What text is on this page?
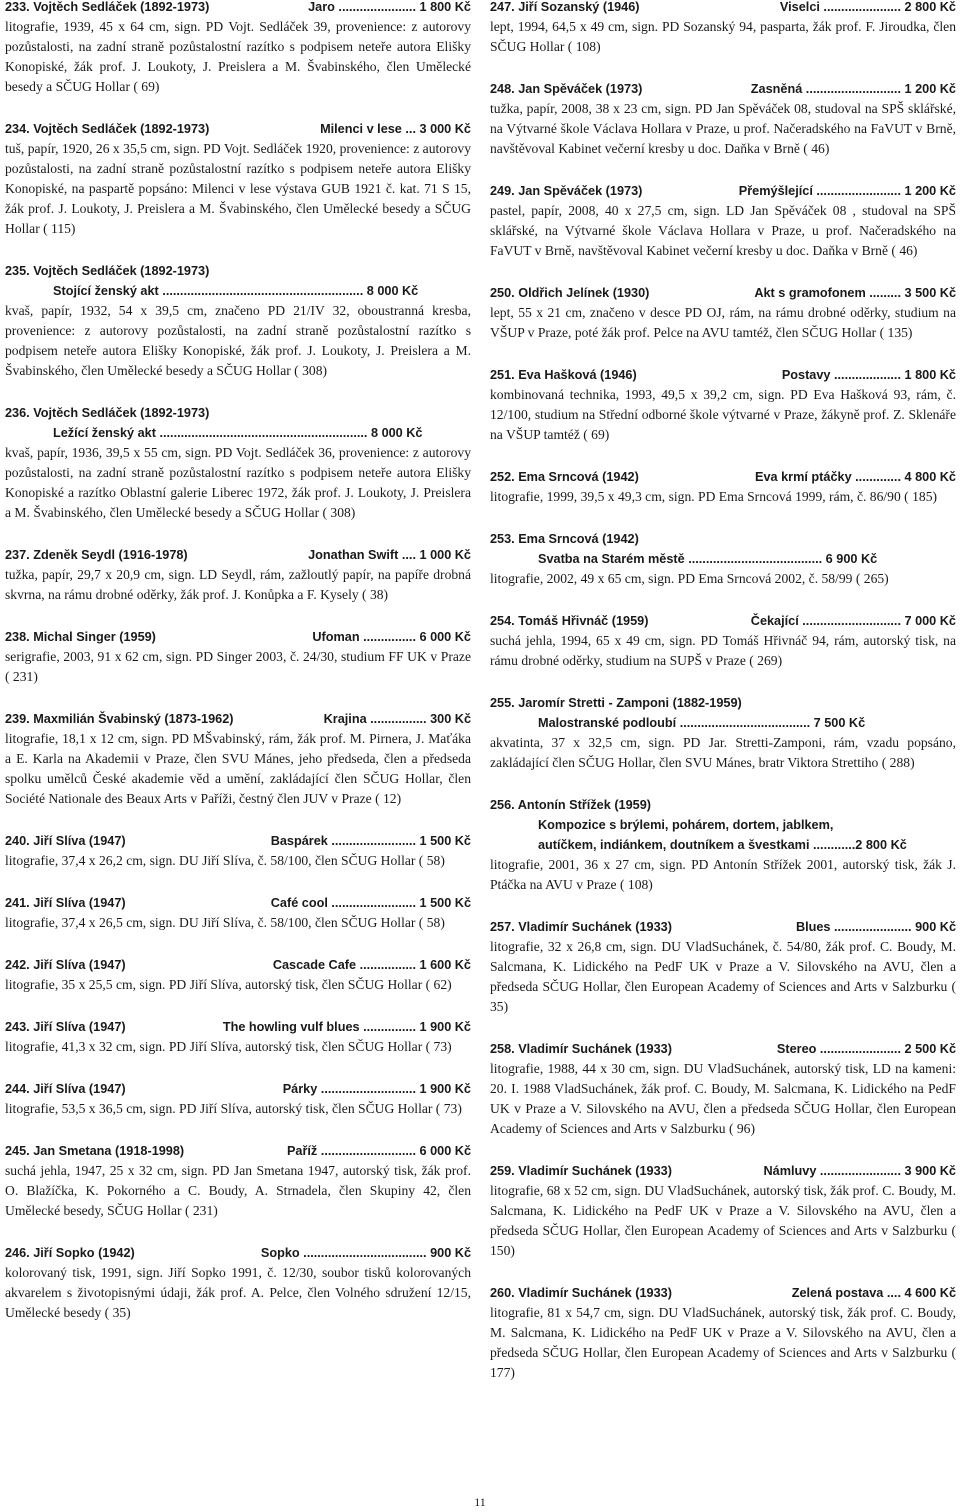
233. Vojtěch Sedláček (1892-1973)	Jaro ...................... 1 800 Kč
litografie, 1939, 45 x 64 cm, sign. PD Vojt. Sedláček 39, provenience: z autorovy pozůstalosti, na zadní straně pozůstalostní razítko s podpisem neteře autora Elišky Konopiské, žák prof. J. Loukoty, J. Preislera a M. Švabinského, člen Umělecké besedy a SČUG Hollar ( 69)
234. Vojtěch Sedláček (1892-1973)	Milenci v lese ... 3 000 Kč
tuš, papír, 1920, 26 x 35,5 cm, sign. PD Vojt. Sedláček 1920, provenience: z autorovy pozůstalosti, na zadní straně pozůstalostní razítko s podpisem neteře autora Elišky Konopiské, na paspartě popsáno: Milenci v lese výstava GUB 1921 č. kat. 71 S 15, žák prof. J. Loukoty, J. Preislera a M. Švabinského, člen Umělecké besedy a SČUG Hollar ( 115)
235. Vojtěch Sedláček (1892-1973)
Stojící ženský akt ......................................................... 8 000 Kč
kvaš, papír, 1932, 54 x 39,5 cm, značeno PD 21/IV 32, oboustranná kresba, provenience: z autorovy pozůstalosti, na zadní straně pozůstalostní razítko s podpisem neteře autora Elišky Konopiské, žák prof. J. Loukoty, J. Preislera a M. Švabinského, člen Umělecké besedy a SČUG Hollar ( 308)
236. Vojtěch Sedláček (1892-1973)
Ležící ženský akt ........................................................... 8 000 Kč
kvaš, papír, 1936, 39,5 x 55 cm, sign. PD Vojt. Sedláček 36, provenience: z autorovy pozůstalosti, na zadní straně pozůstalostní razítko s podpisem neteře autora Elišky Konopiské a razítko Oblastní galerie Liberec 1972, žák prof. J. Loukoty, J. Preislera a M. Švabinského, člen Umělecké besedy a SČUG Hollar ( 308)
237. Zdeněk Seydl (1916-1978)	Jonathan Swift .... 1 000 Kč
tužka, papír, 29,7 x 20,9 cm, sign. LD Seydl, rám, zažloutlý papír, na papíře drobná skvrna, na rámu drobné oděrky, žák prof. J. Konůpka a F. Kysely ( 38)
238. Michal Singer (1959)	Ufoman ............... 6 000 Kč
serigrafie, 2003, 91 x 62 cm, sign. PD Singer 2003, č. 24/30, studium FF UK v Praze ( 231)
239. Maxmilián Švabinský (1873-1962)	Krajina ................ 300 Kč
litografie, 18,1 x 12 cm, sign. PD MŠvabinský, rám, žák prof. M. Pirnera, J. Maťáka a E. Karla na Akademii v Praze, člen SVU Mánes, jeho předseda, člen a předseda spolku umělců České akademie věd a umění, zakládající člen SČUG Hollar, člen Société Nationale des Beaux Arts v Paříži, čestný člen JUV v Praze ( 12)
240. Jiří Slíva (1947)	Baspárek ........................ 1 500 Kč
litografie, 37,4 x 26,2 cm, sign. DU Jiří Slíva, č. 58/100, člen SČUG Hollar ( 58)
241. Jiří Slíva (1947)	Café cool ........................ 1 500 Kč
litografie, 37,4 x 26,5 cm, sign. DU Jiří Slíva, č. 58/100, člen SČUG Hollar ( 58)
242. Jiří Slíva (1947)	Cascade Cafe ................ 1 600 Kč
litografie, 35 x 25,5 cm, sign. PD Jiří Slíva, autorský tisk, člen SČUG Hollar ( 62)
243. Jiří Slíva (1947)	The howling vulf blues ............... 1 900 Kč
litografie, 41,3 x 32 cm, sign. PD Jiří Slíva, autorský tisk, člen SČUG Hollar ( 73)
244. Jiří Slíva (1947)	Párky ........................... 1 900 Kč
litografie, 53,5 x 36,5 cm, sign. PD Jiří Slíva, autorský tisk, člen SČUG Hollar ( 73)
245. Jan Smetana (1918-1998)	Paříž ........................... 6 000 Kč
suchá jehla, 1947, 25 x 32 cm, sign. PD Jan Smetana 1947, autorský tisk, žák prof. O. Blažíčka, K. Pokorného a C. Boudy, A. Strnadela, člen Skupiny 42, člen Umělecké besedy, SČUG Hollar ( 231)
246. Jiří Sopko (1942)	Sopko ................................... 900 Kč
kolorovaný tisk, 1991, sign. Jiří Sopko 1991, č. 12/30, soubor tisků kolorovaných akvarelem s životopisnými údaji, žák prof. A. Pelce, člen Volného sdružení 12/15, Umělecké besedy ( 35)
247. Jiří Sozanský (1946)	Viselci ...................... 2 800 Kč
lept, 1994, 64,5 x 49 cm, sign. PD Sozanský 94, pasparta, žák prof. F. Jiroudka, člen SČUG Hollar ( 108)
248. Jan Spěváček (1973)	Zasněná ........................... 1 200 Kč
tužka, papír, 2008, 38 x 23 cm, sign. PD Jan Spěváček 08, studoval na SPŠ sklářské, na Výtvarné škole Václava Hollara v Praze, u prof. Načeradského na FaVUT v Brně, navštěvoval Kabinet večerní kresby u doc. Daňka v Brně ( 46)
249. Jan Spěváček (1973)	Přemýšlející ........................ 1 200 Kč
pastel, papír, 2008, 40 x 27,5 cm, sign. LD Jan Spěváček 08 , studoval na SPŠ sklářské, na Výtvarné škole Václava Hollara v Praze, u prof. Načeradského na FaVUT v Brně, navštěvoval Kabinet večerní kresby u doc. Daňka v Brně ( 46)
250. Oldřich Jelínek (1930)	Akt s gramofonem ......... 3 500 Kč
lept, 55 x 21 cm, značeno v desce PD OJ, rám, na rámu drobné oděrky, studium na VŠUP v Praze, poté žák prof. Pelce na AVU tamtéž, člen SČUG Hollar ( 135)
251. Eva Hašková (1946)	Postavy ................... 1 800 Kč
kombinovaná technika, 1993, 49,5 x 39,2 cm, sign. PD Eva Hašková 93, rám, č. 12/100, studium na Střední odborné škole výtvarné v Praze, žákyně prof. Z. Sklenáře na VŠUP tamtéž ( 69)
252. Ema Srncová (1942)	Eva krmí ptáčky ............. 4 800 Kč
litografie, 1999, 39,5 x 49,3 cm, sign. PD Ema Srncová 1999, rám, č. 86/90 ( 185)
253. Ema Srncová (1942)
Svatba na Starém městě ...................................... 6 900 Kč
litografie, 2002, 49 x 65 cm, sign. PD Ema Srncová 2002, č. 58/99 ( 265)
254. Tomáš Hřivnáč (1959)	Čekající ............................ 7 000 Kč
suchá jehla, 1994, 65 x 49 cm, sign. PD Tomáš Hřivnáč 94, rám, autorský tisk, na rámu drobné oděrky, studium na SUPŠ v Praze ( 269)
255. Jaromír Stretti - Zamponi (1882-1959)
Malostranské podloubí ..................................... 7 500 Kč
akvatinta, 37 x 32,5 cm, sign. PD Jar. Stretti-Zamponi, rám, vzadu popsáno, zakládající člen SČUG Hollar, člen SVU Mánes, bratr Viktora Strettiho ( 288)
256. Antonín Střížek (1959)
Kompozice s brýlemi, pohárem, dortem, jablkem,
autíčkem, indiánkem, doutníkem a švestkami ............2 800 Kč
litografie, 2001, 36 x 27 cm, sign. PD Antonín Střížek 2001, autorský tisk, žák J. Ptáčka na AVU v Praze ( 108)
257. Vladimír Suchánek (1933)	Blues ...................... 900 Kč
litografie, 32 x 26,8 cm, sign. DU VladSuchánek, č. 54/80, žák prof. C. Boudy, M. Salcmana, K. Lidického na PedF UK v Praze a V. Silovského na AVU, člen a předseda SČUG Hollar, člen European Academy of Sciences and Arts v Salzburku ( 35)
258. Vladimír Suchánek (1933)	Stereo ....................... 2 500 Kč
litografie, 1988, 44 x 30 cm, sign. DU VladSuchánek, autorský tisk, LD na kameni: 20. I. 1988 VladSuchánek, žák prof. C. Boudy, M. Salcmana, K. Lidického na PedF UK v Praze a V. Silovského na AVU, člen a předseda SČUG Hollar, člen European Academy of Sciences and Arts v Salzburku ( 96)
259. Vladimír Suchánek (1933)	Námluvy ....................... 3 900 Kč
litografie, 68 x 52 cm, sign. DU VladSuchánek, autorský tisk, žák prof. C. Boudy, M. Salcmana, K. Lidického na PedF UK v Praze a V. Silovského na AVU, člen a předseda SČUG Hollar, člen European Academy of Sciences and Arts v Salzburku ( 150)
260. Vladimír Suchánek (1933)	Zelená postava .... 4 600 Kč
litografie, 81 x 54,7 cm, sign. DU VladSuchánek, autorský tisk, žák prof. C. Boudy, M. Salcmana, K. Lidického na PedF UK v Praze a V. Silovského na AVU, člen a předseda SČUG Hollar, člen European Academy of Sciences and Arts v Salzburku ( 177)
11
